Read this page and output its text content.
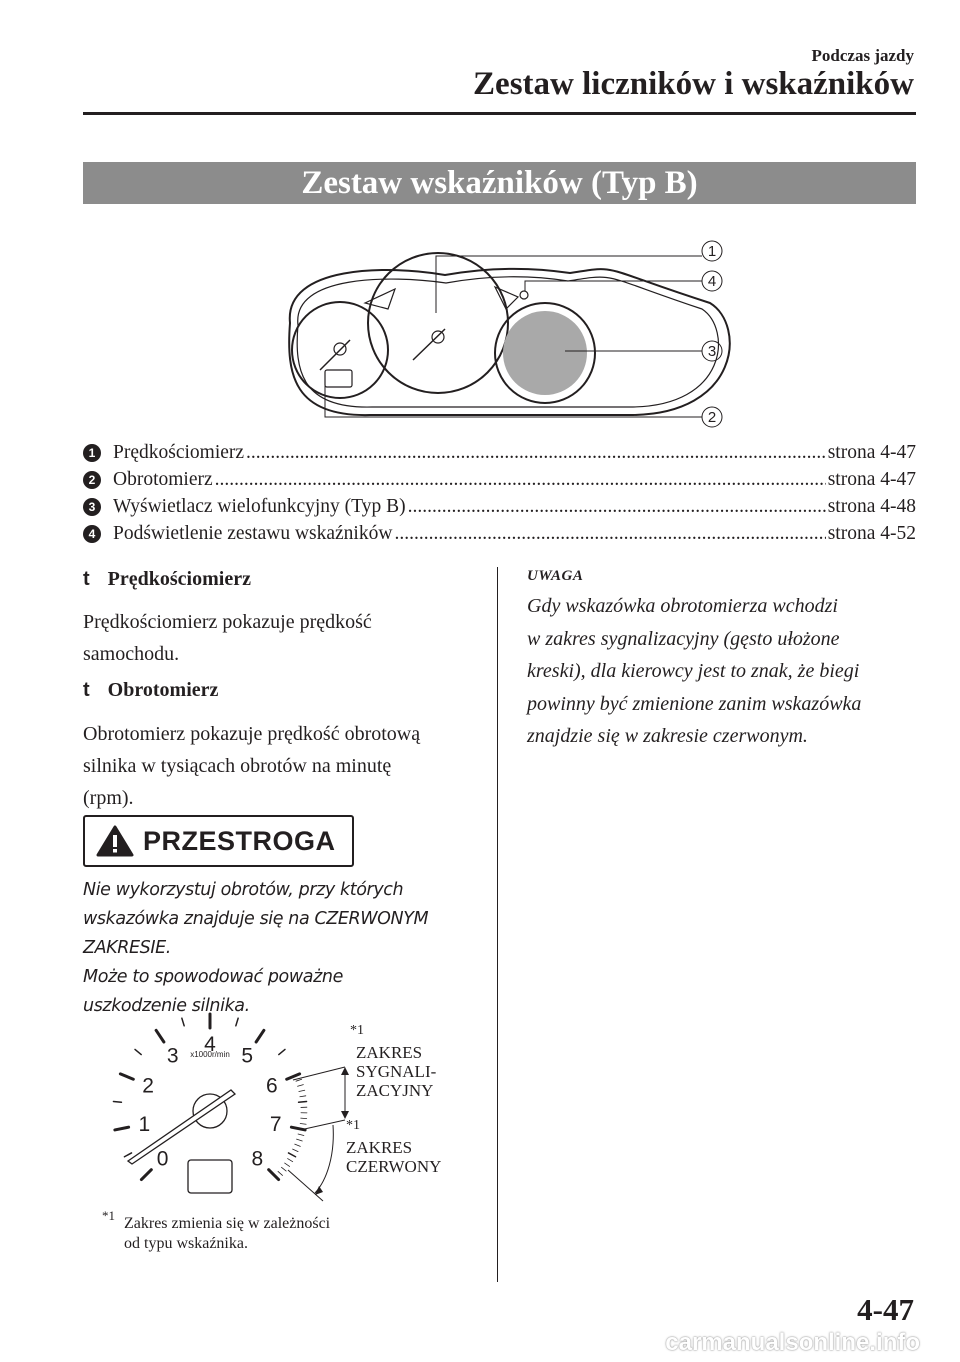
Podczas jazdy
Zestaw liczników i wskaźników
Zestaw wskaźników (Typ B)
1
4
3
2
1 Prędkościomierz .....	strona 4-47
2 Obrotomierz .....	strona 4-47
3 Wyświetlacz wielofunkcyjny (Typ B) .....	strona 4-48
4 Podświetlenie zestawu wskaźników .....	strona 4-52
t Prędkościomierz
Prędkościomierz pokazuje prędkość
samochodu.
t Obrotomierz
Obrotomierz pokazuje prędkość obrotową
silnika w tysiącach obrotów na minutę
(rpm).
PRZESTROGA
Nie wykorzystuj obrotów, przy których
wskazówka znajduje się na CZERWONYM
ZAKRESIE.
Może to spowodować poważne
uszkodzenie silnika.
UWAGA
Gdy wskazówka obrotomierza wchodzi
w zakres sygnalizacyjny (gęsto ułożone
kreski), dla kierowcy jest to znak, że biegi
powinny być zmienione zanim wskazówka
znajdzie się w zakresie czerwonym.
0
1
2
3 4 5
6
7
8
x1000r/min
*1
ZAKRES
SYGNALI-
ZACYJNY
*1
ZAKRES
CZERWONY
*1 Zakres zmienia się w zależności
od typu wskaźnika.
4-47
carmanualsonline.info
